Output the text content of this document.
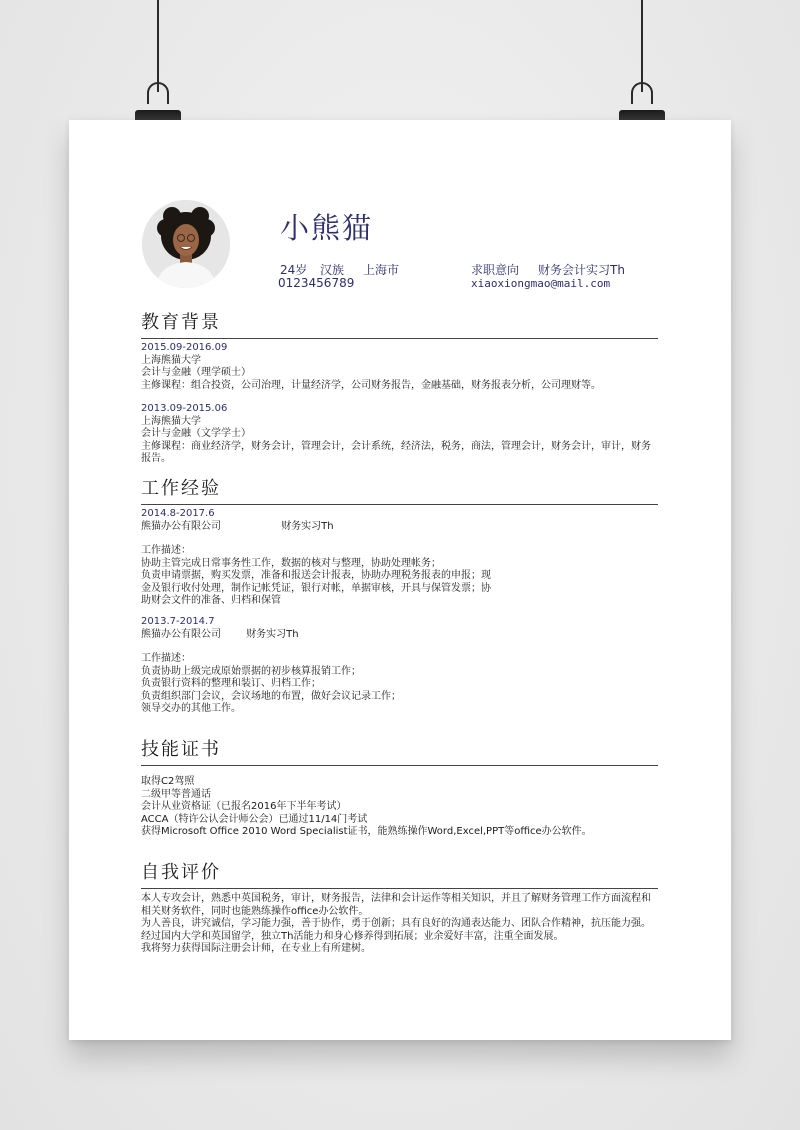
小熊猫
24岁 汉族 上海市
0123456789
求职意向 财务会计实习Th
xiaoxiongmao@mail.com
教育背景
2015.09-2016.09
上海熊猫大学
会计与金融（理学硕士）
主修课程：组合投资，公司治理，计量经济学，公司财务报告，金融基础，财务报表分析，公司理财等。
2013.09-2015.06
上海熊猫大学
会计与金融（文学学士）
主修课程：商业经济学，财务会计，管理会计，会计系统，经济法，税务，商法，管理会计，财务会计，审计，财务
报告。
工作经验
2014.8-2017.6
熊猫办公有限公司	财务实习Th
工作描述：
协助主管完成日常事务性工作，数据的核对与整理，协助处理帐务；
负责申请票据，购买发票，准备和报送会计报表，协助办理税务报表的申报；现
金及银行收付处理，制作记帐凭证，银行对帐，单据审核，开具与保管发票；协
助财会文件的准备、归档和保管
2013.7-2014.7
熊猫办公有限公司	财务实习Th
工作描述：
负责协助上级完成原始票据的初步核算报销工作；
负责银行资料的整理和装订、归档工作；
负责组织部门会议，会议场地的布置，做好会议记录工作；
领导交办的其他工作。
技能证书
取得C2驾照
二级甲等普通话
会计从业资格证（已报名2016年下半年考试）
ACCA（特许公认会计师公会）已通过11/14门考试
获得Microsoft Office 2010 Word Specialist证书，能熟练操作Word,Excel,PPT等office办公软件。
自我评价
本人专攻会计，熟悉中英国税务，审计，财务报告，法律和会计运作等相关知识，并且了解财务管理工作方面流程和
相关财务软件，同时也能熟练操作office办公软件。
为人善良，讲究诚信，学习能力强，善于协作，勇于创新；具有良好的沟通表达能力、团队合作精神，抗压能力强。
经过国内大学和英国留学，独立Th活能力和身心修养得到拓展；业余爱好丰富，注重全面发展。
我将努力获得国际注册会计师，在专业上有所建树。
